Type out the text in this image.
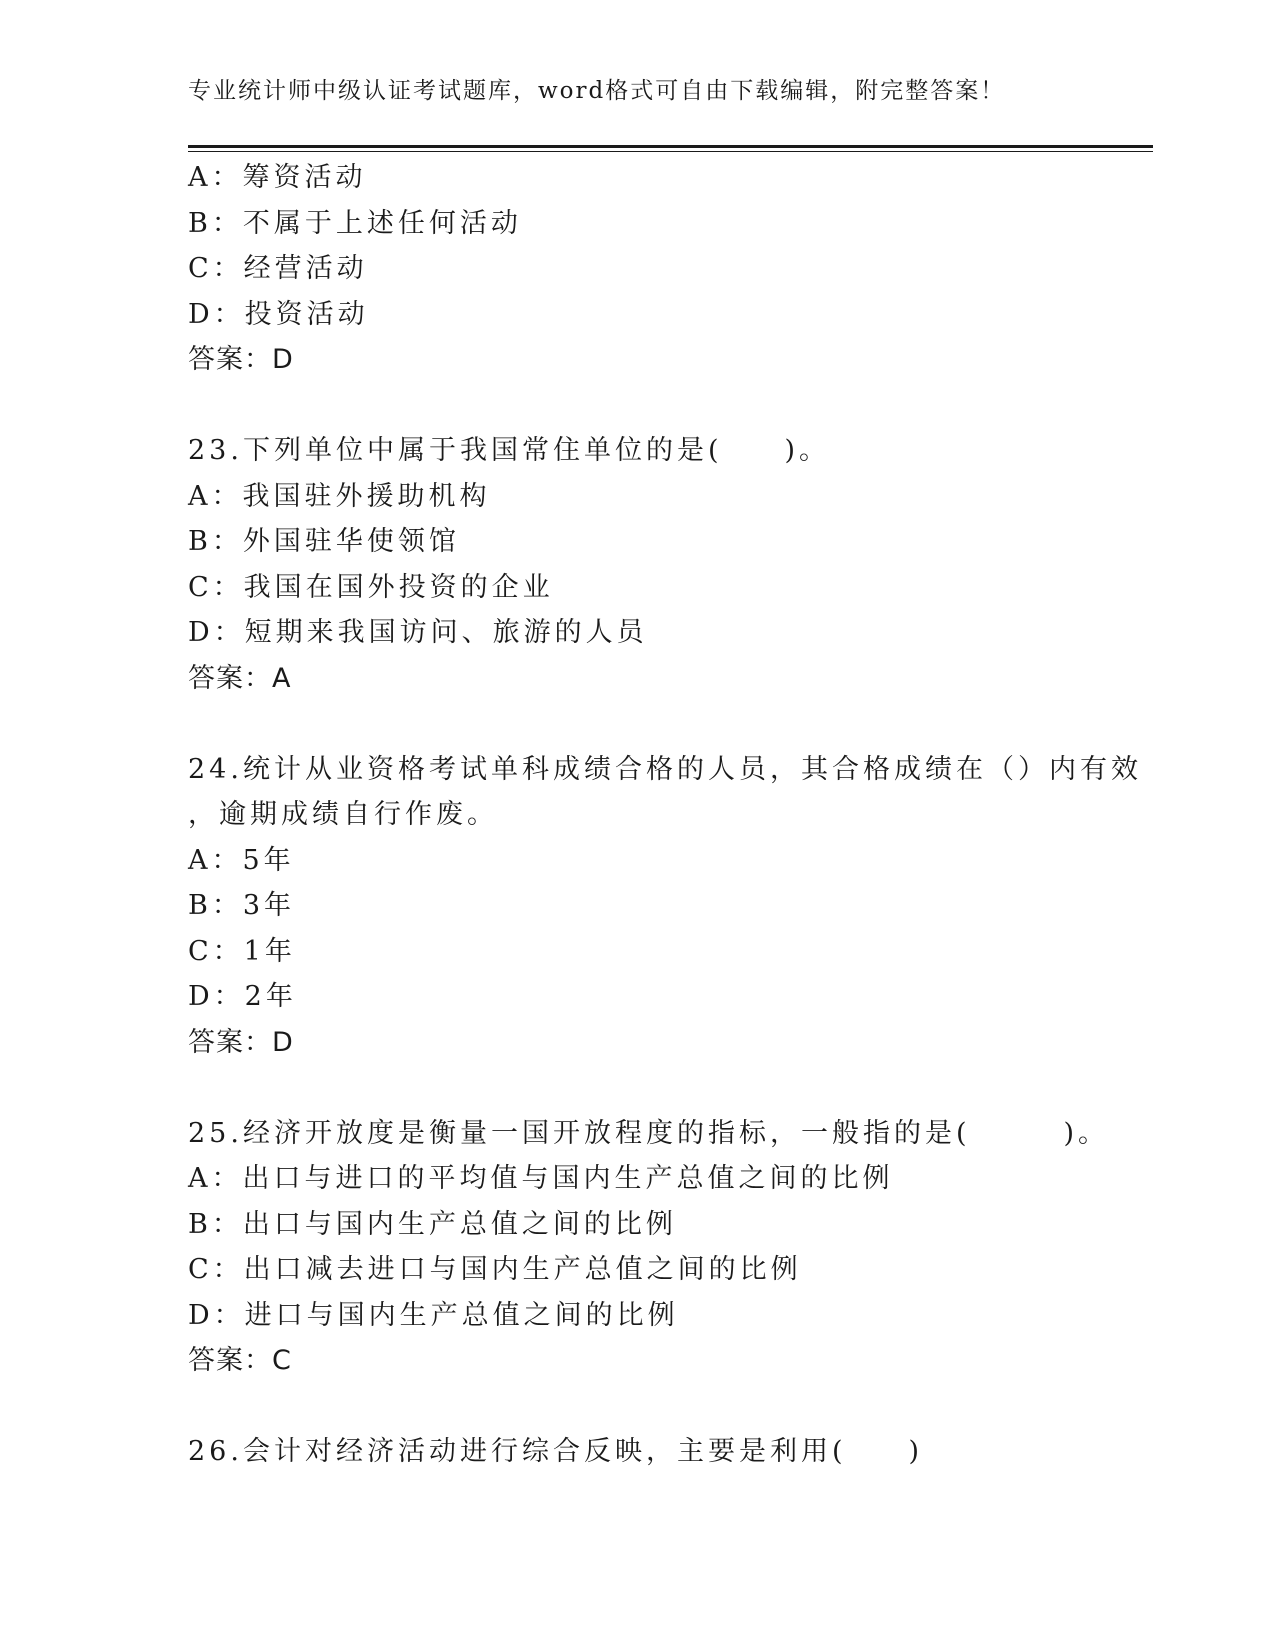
专业统计师中级认证考试题库，word格式可自由下载编辑，附完整答案！
A：筹资活动
B：不属于上述任何活动
C：经营活动
D：投资活动
答案：D
23.下列单位中属于我国常住单位的是(　　)。
A：我国驻外援助机构
B：外国驻华使领馆
C：我国在国外投资的企业
D：短期来我国访问、旅游的人员
答案：A
24.统计从业资格考试单科成绩合格的人员，其合格成绩在（）内有效
，逾期成绩自行作废。
A：5年
B：3年
C：1年
D：2年
答案：D
25.经济开放度是衡量一国开放程度的指标，一般指的是(　　　)。
A：出口与进口的平均值与国内生产总值之间的比例
B：出口与国内生产总值之间的比例
C：出口减去进口与国内生产总值之间的比例
D：进口与国内生产总值之间的比例
答案：C
26.会计对经济活动进行综合反映，主要是利用(　　)
